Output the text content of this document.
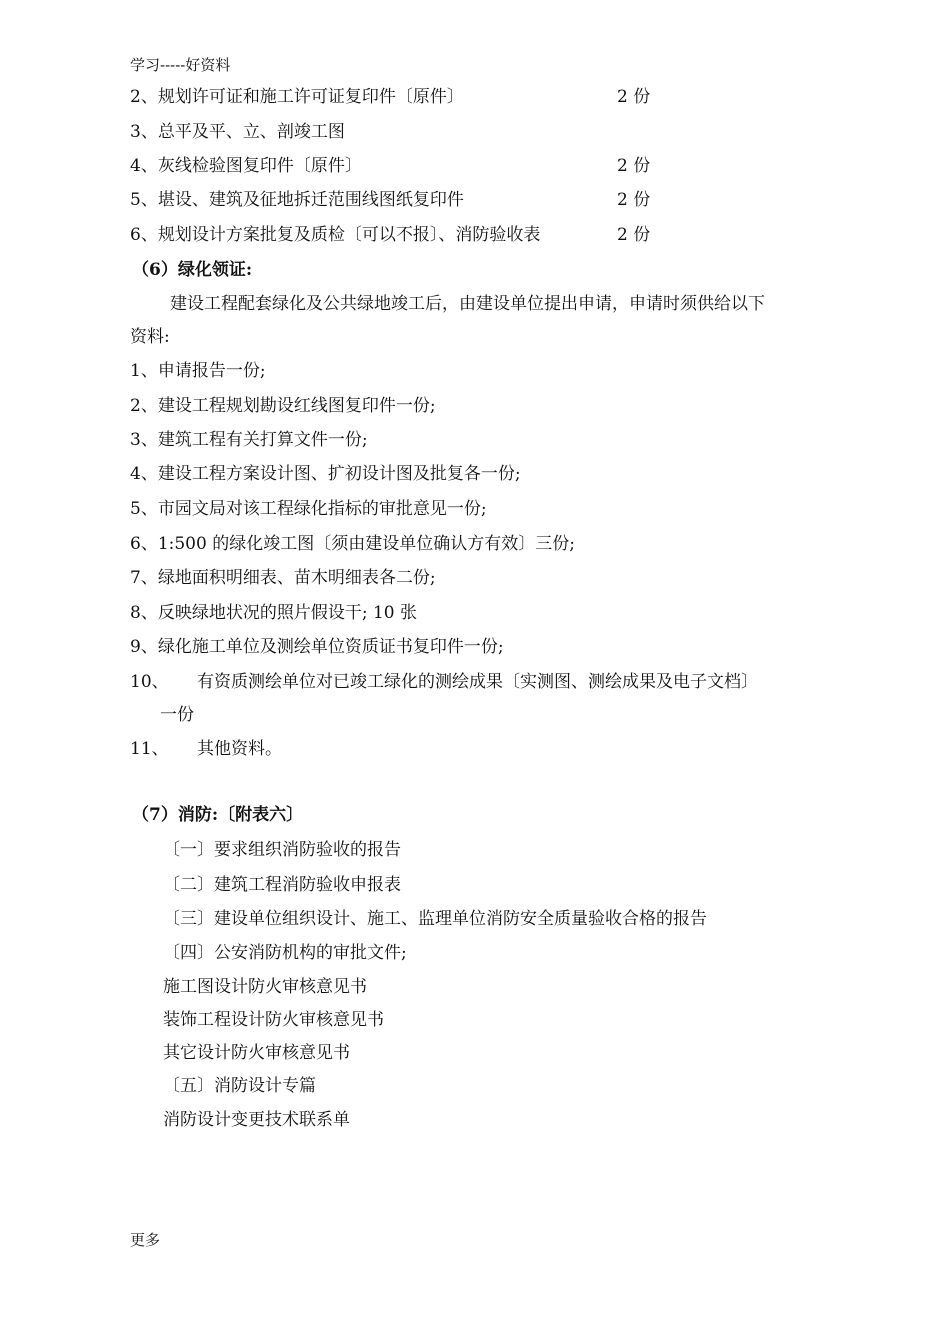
学习-----好资料
2、规划许可证和施工许可证复印件〔原件〕	2 份
3、总平及平、立、剖竣工图
4、灰线检验图复印件〔原件〕	2 份
5、堪设、建筑及征地拆迁范围线图纸复印件	2 份
6、规划设计方案批复及质检〔可以不报〕、消防验收表	2 份
（6）绿化领证:
建设工程配套绿化及公共绿地竣工后，由建设单位提出申请，申请时须供给以下
资料:
1、申请报告一份;
2、建设工程规划勘设红线图复印件一份;
3、建筑工程有关打算文件一份;
4、建设工程方案设计图、扩初设计图及批复各一份;
5、市园文局对该工程绿化指标的审批意见一份;
6、1:500 的绿化竣工图〔须由建设单位确认方有效〕三份;
7、绿地面积明细表、苗木明细表各二份;
8、反映绿地状况的照片假设干; 10 张
9、绿化施工单位及测绘单位资质证书复印件一份;
10、 有资质测绘单位对已竣工绿化的测绘成果〔实测图、测绘成果及电子文档〕
一份
11、 其他资料。
（7）消防:〔附表六〕
〔一〕要求组织消防验收的报告
〔二〕建筑工程消防验收申报表
〔三〕建设单位组织设计、施工、监理单位消防安全质量验收合格的报告
〔四〕公安消防机构的审批文件;
施工图设计防火审核意见书
装饰工程设计防火审核意见书
其它设计防火审核意见书
〔五〕消防设计专篇
消防设计变更技术联系单
更多
